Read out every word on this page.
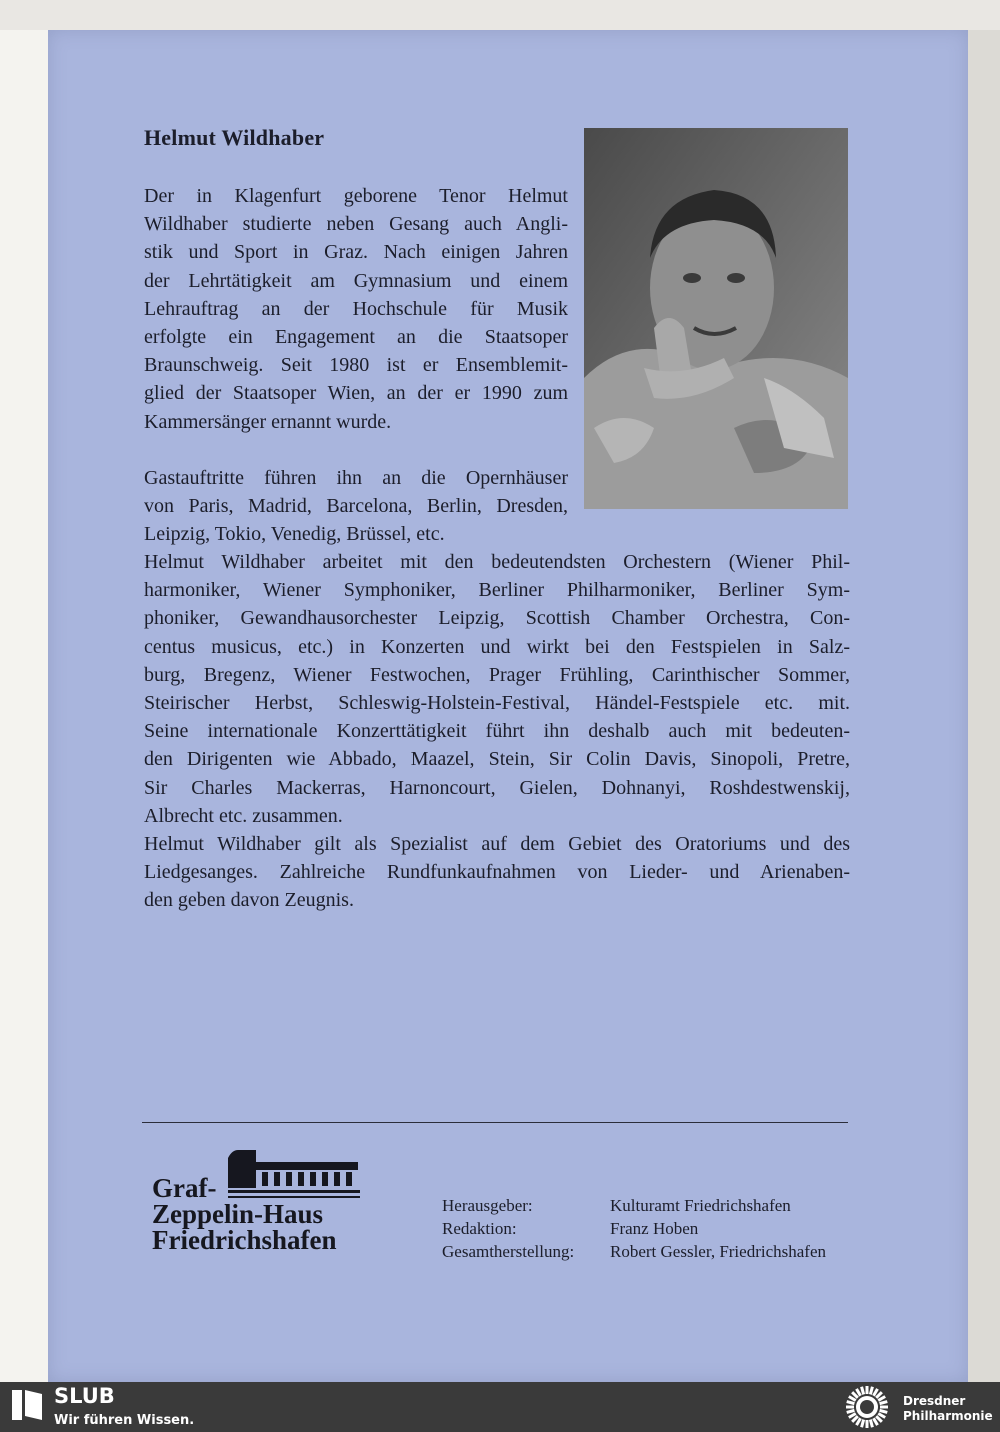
Helmut Wildhaber
Der in Klagenfurt geborene Tenor Helmut
Wildhaber studierte neben Gesang auch Angli-
stik und Sport in Graz. Nach einigen Jahren
der Lehrtätigkeit am Gymnasium und einem
Lehrauftrag an der Hochschule für Musik
erfolgte ein Engagement an die Staatsoper
Braunschweig. Seit 1980 ist er Ensemblemit-
glied der Staatsoper Wien, an der er 1990 zum
Kammersänger ernannt wurde.
Gastauftritte führen ihn an die Opernhäuser
von Paris, Madrid, Barcelona, Berlin, Dresden,
Leipzig, Tokio, Venedig, Brüssel, etc.
Helmut Wildhaber arbeitet mit den bedeutendsten Orchestern (Wiener Phil-
harmoniker, Wiener Symphoniker, Berliner Philharmoniker, Berliner Sym-
phoniker, Gewandhausorchester Leipzig, Scottish Chamber Orchestra, Con-
centus musicus, etc.) in Konzerten und wirkt bei den Festspielen in Salz-
burg, Bregenz, Wiener Festwochen, Prager Frühling, Carinthischer Sommer,
Steirischer Herbst, Schleswig-Holstein-Festival, Händel-Festspiele etc. mit.
Seine internationale Konzerttätigkeit führt ihn deshalb auch mit bedeuten-
den Dirigenten wie Abbado, Maazel, Stein, Sir Colin Davis, Sinopoli, Pretre,
Sir Charles Mackerras, Harnoncourt, Gielen, Dohnanyi, Roshdestwenskij,
Albrecht etc. zusammen.
Helmut Wildhaber gilt als Spezialist auf dem Gebiet des Oratoriums und des
Liedgesanges. Zahlreiche Rundfunkaufnahmen von Lieder- und Arienaben-
den geben davon Zeugnis.
Graf-
Zeppelin-Haus
Friedrichshafen
Herausgeber:
Redaktion:
Gesamtherstellung:
Kulturamt Friedrichshafen
Franz Hoben
Robert Gessler, Friedrichshafen
SLUB
Wir führen Wissen.
Dresdner
Philharmonie
